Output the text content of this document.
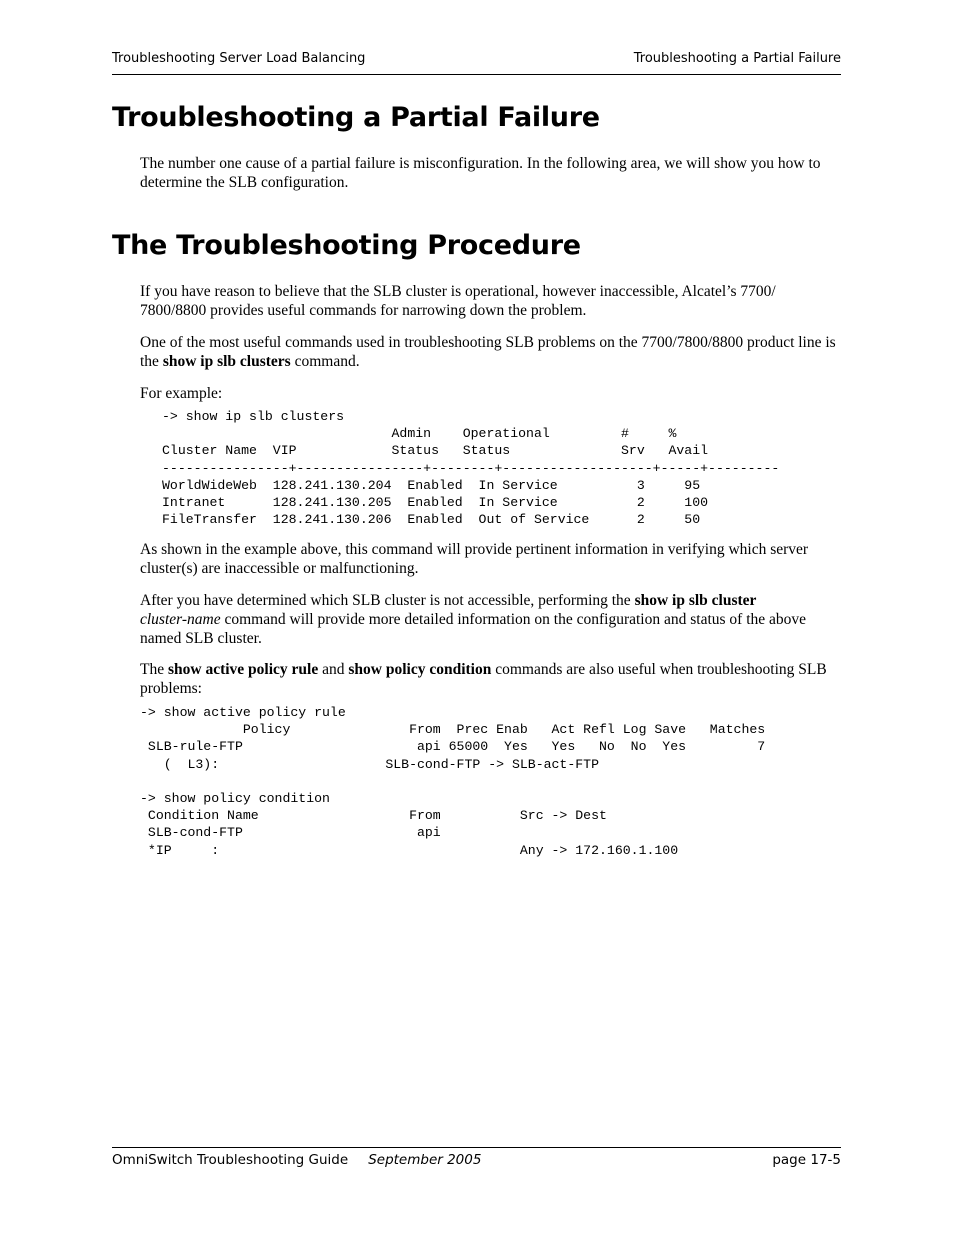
Troubleshooting Server Load Balancing	Troubleshooting a Partial Failure
Troubleshooting a Partial Failure

The number one cause of a partial failure is misconfiguration. In the following area, we will show you how to determine the SLB configuration.

The Troubleshooting Procedure

If you have reason to believe that the SLB cluster is operational, however inaccessible, Alcatel’s 7700/ 7800/8800 provides useful commands for narrowing down the problem.

One of the most useful commands used in troubleshooting SLB problems on the 7700/7800/8800 product line is the show ip slb clusters command.

For example:

-> show ip slb clusters
Admin    Operational         #     %
Cluster Name  VIP            Status   Status              Srv   Avail
----------------+----------------+--------+-------------------+-----+---------
WorldWideWeb  128.241.130.204  Enabled  In Service          3     95
Intranet      128.241.130.205  Enabled  In Service          2     100
FileTransfer  128.241.130.206  Enabled  Out of Service      2     50

As shown in the example above, this command will provide pertinent information in verifying which server cluster(s) are inaccessible or malfunctioning.

After you have determined which SLB cluster is not accessible, performing the show ip slb cluster
cluster-name command will provide more detailed information on the configuration and status of the above named SLB cluster.

The show active policy rule and show policy condition commands are also useful when troubleshooting SLB problems:

-> show active policy rule
Policy               From  Prec Enab   Act Refl Log Save   Matches
SLB-rule-FTP                      api 65000  Yes   Yes   No  No  Yes         7
(  L3):                     SLB-cond-FTP -> SLB-act-FTP

-> show policy condition
Condition Name                   From          Src -> Dest
SLB-cond-FTP                      api
*IP     :                                      Any -> 172.160.1.100
OmniSwitch Troubleshooting Guide September 2005	page 17-5
